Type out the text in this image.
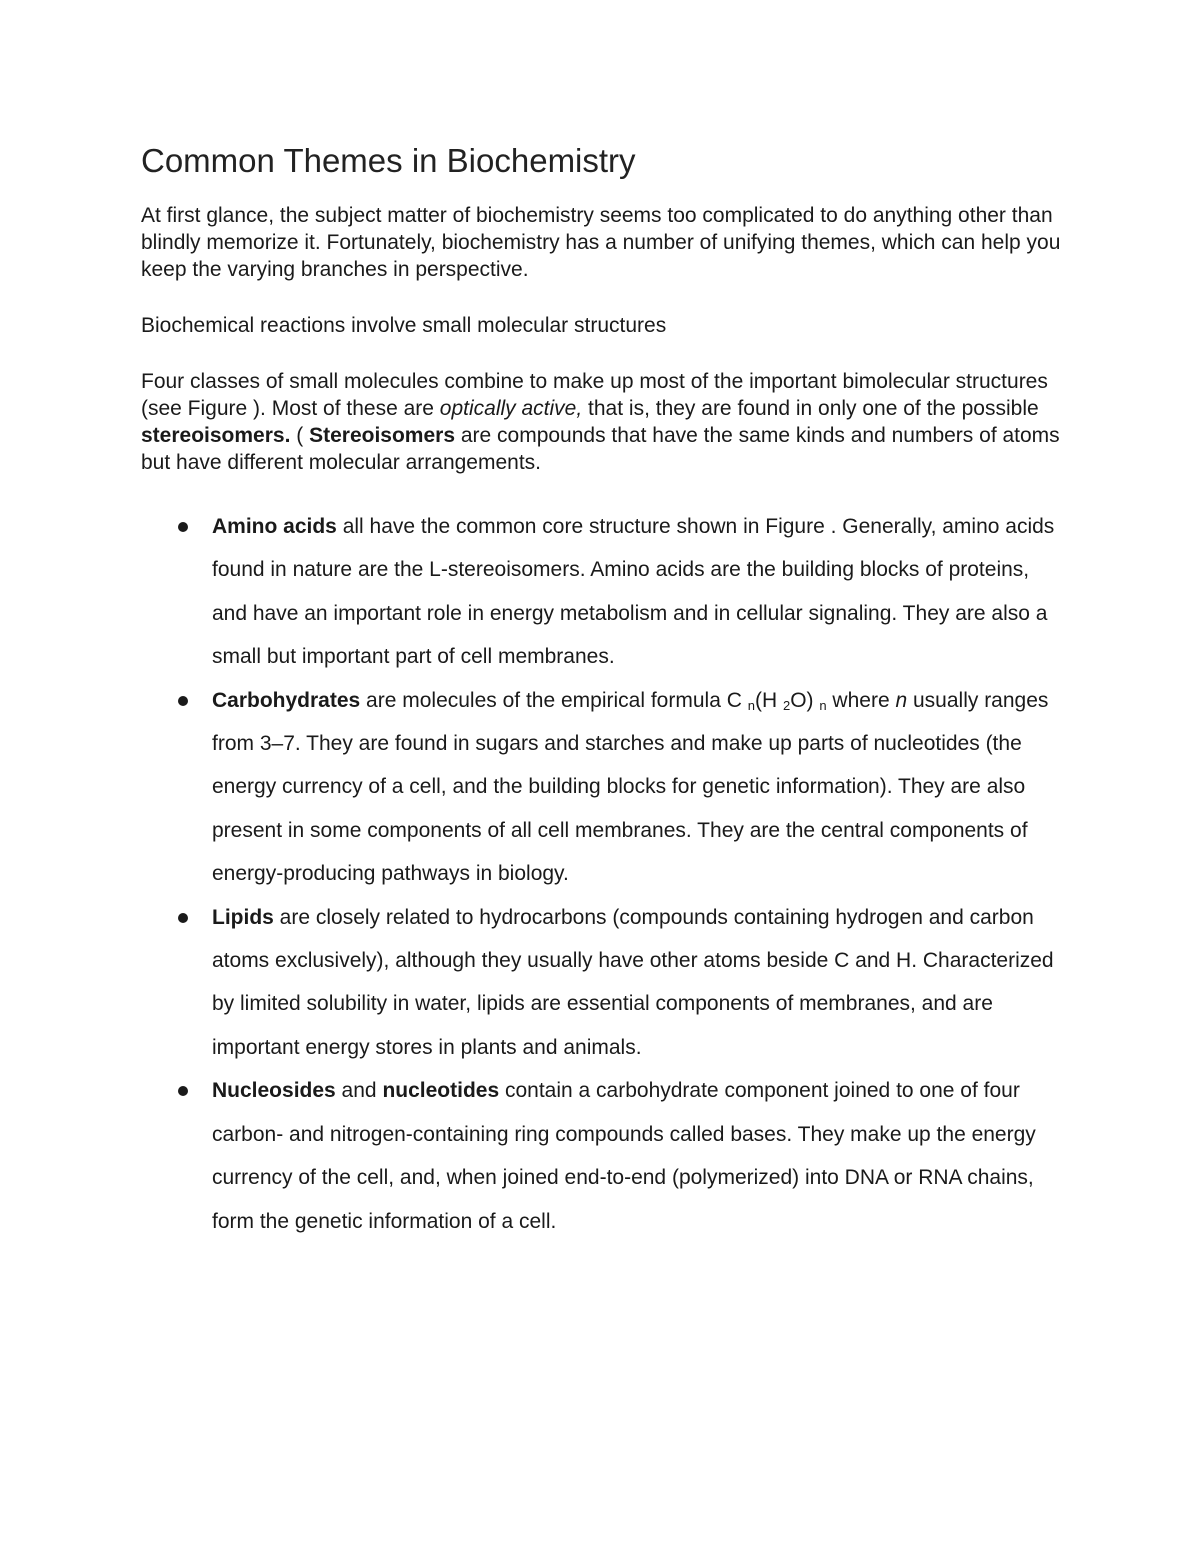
Common Themes in Biochemistry

At first glance, the subject matter of biochemistry seems too complicated to do anything other than blindly memorize it. Fortunately, biochemistry has a number of unifying themes, which can help you keep the varying branches in perspective.

Biochemical reactions involve small molecular structures

Four classes of small molecules combine to make up most of the important bimolecular structures (see Figure ). Most of these are optically active, that is, they are found in only one of the possible stereoisomers. ( Stereoisomers are compounds that have the same kinds and numbers of atoms but have different molecular arrangements.

Amino acids all have the common core structure shown in Figure . Generally, amino acids found in nature are the L-stereoisomers. Amino acids are the building blocks of proteins, and have an important role in energy metabolism and in cellular signaling. They are also a small but important part of cell membranes.
Carbohydrates are molecules of the empirical formula C $_n$(H $_2$O) $_n$ where n usually ranges from 3–7. They are found in sugars and starches and make up parts of nucleotides (the energy currency of a cell, and the building blocks for genetic information). They are also present in some components of all cell membranes. They are the central components of energy-producing pathways in biology.
Lipids are closely related to hydrocarbons (compounds containing hydrogen and carbon atoms exclusively), although they usually have other atoms beside C and H. Characterized by limited solubility in water, lipids are essential components of membranes, and are important energy stores in plants and animals.
Nucleosides and nucleotides contain a carbohydrate component joined to one of four carbon- and nitrogen-containing ring compounds called bases. They make up the energy currency of the cell, and, when joined end-to-end (polymerized) into DNA or RNA chains, form the genetic information of a cell.
